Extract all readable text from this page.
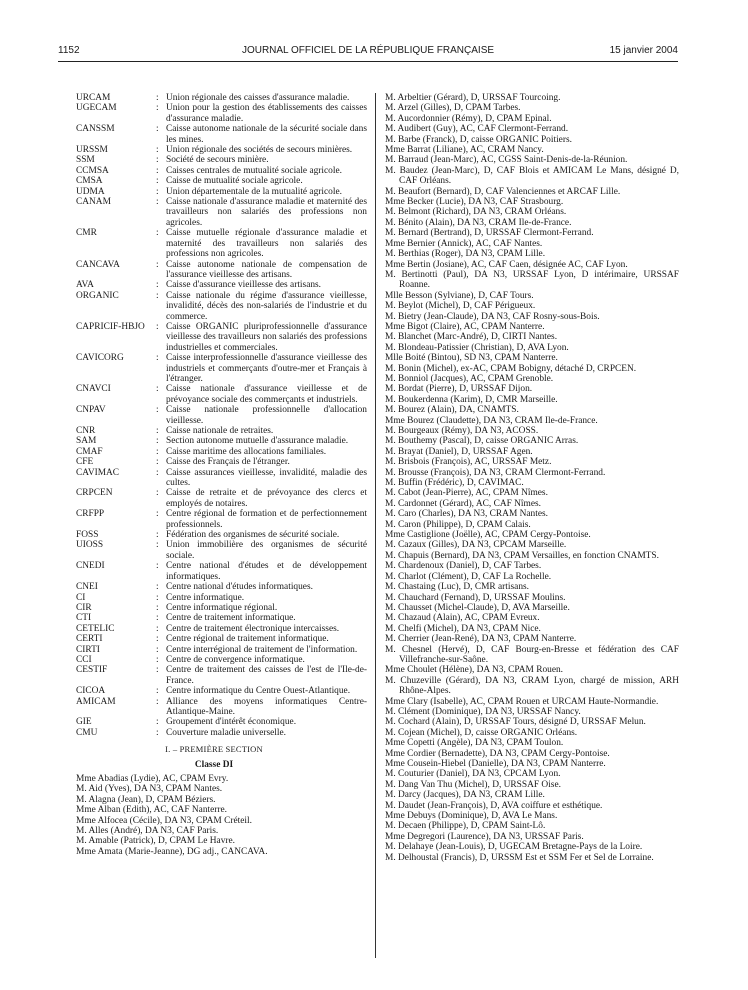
1152	JOURNAL OFFICIEL DE LA RÉPUBLIQUE FRANÇAISE	15 janvier 2004
URCAM	: Union régionale des caisses d'assurance maladie.
UGECAM	: Union pour la gestion des établissements des caisses d'assurance maladie.
CANSSM	: Caisse autonome nationale de la sécurité sociale dans les mines.
URSSM	: Union régionale des sociétés de secours minières.
SSM	: Société de secours minière.
CCMSA	: Caisses centrales de mutualité sociale agricole.
CMSA	: Caisse de mutualité sociale agricole.
UDMA	: Union départementale de la mutualité agricole.
CANAM	: Caisse nationale d'assurance maladie et maternité des travailleurs non salariés des professions non agricoles.
CMR	: Caisse mutuelle régionale d'assurance maladie et maternité des travailleurs non salariés des professions non agricoles.
CANCAVA	: Caisse autonome nationale de compensation de l'assurance vieillesse des artisans.
AVA	: Caisse d'assurance vieillesse des artisans.
ORGANIC	: Caisse nationale du régime d'assurance vieillesse, invalidité, décès des non-salariés de l'industrie et du commerce.
CAPRICIF-HBJO	: Caisse ORGANIC pluriprofessionnelle d'assurance vieillesse des travailleurs non salariés des professions industrielles et commerciales.
CAVICORG	: Caisse interprofessionnelle d'assurance vieillesse des industriels et commerçants d'outre-mer et Français à l'étranger.
CNAVCI	: Caisse nationale d'assurance vieillesse et de prévoyance sociale des commerçants et industriels.
CNPAV	: Caisse nationale professionnelle d'allocation vieillesse.
CNR	: Caisse nationale de retraites.
SAM	: Section autonome mutuelle d'assurance maladie.
CMAF	: Caisse maritime des allocations familiales.
CFE	: Caisse des Français de l'étranger.
CAVIMAC	: Caisse assurances vieillesse, invalidité, maladie des cultes.
CRPCEN	: Caisse de retraite et de prévoyance des clercs et employés de notaires.
CRFPP	: Centre régional de formation et de perfectionnement professionnels.
FOSS	: Fédération des organismes de sécurité sociale.
UIOSS	: Union immobilière des organismes de sécurité sociale.
CNEDI	: Centre national d'études et de développement informatiques.
CNEI	: Centre national d'études informatiques.
CI	: Centre informatique.
CIR	: Centre informatique régional.
CTI	: Centre de traitement informatique.
CETELIC	: Centre de traitement électronique intercaisses.
CERTI	: Centre régional de traitement informatique.
CIRTI	: Centre interrégional de traitement de l'information.
CCI	: Centre de convergence informatique.
CESTIF	: Centre de traitement des caisses de l'est de l'Ile-de-France.
CICOA	: Centre informatique du Centre Ouest-Atlantique.
AMICAM	: Alliance des moyens informatiques Centre-Atlantique-Maine.
GIE	: Groupement d'intérêt économique.
CMU	: Couverture maladie universelle.
I. – PREMIÈRE SECTION
Classe DI
Mme Abadias (Lydie), AC, CPAM Evry.
M. Aid (Yves), DA N3, CPAM Nantes.
M. Alagna (Jean), D, CPAM Béziers.
Mme Alban (Edith), AC, CAF Nanterre.
Mme Alfocea (Cécile), DA N3, CPAM Créteil.
M. Alles (André), DA N3, CAF Paris.
M. Amable (Patrick), D, CPAM Le Havre.
Mme Amata (Marie-Jeanne), DG adj., CANCAVA.
M. Arbeltier (Gérard), D, URSSAF Tourcoing.
M. Arzel (Gilles), D, CPAM Tarbes.
M. Aucordonnier (Rémy), D, CPAM Epinal.
M. Audibert (Guy), AC, CAF Clermont-Ferrand.
M. Barbe (Franck), D, caisse ORGANIC Poitiers.
Mme Barrat (Liliane), AC, CRAM Nancy.
M. Barraud (Jean-Marc), AC, CGSS Saint-Denis-de-la-Réunion.
M. Baudez (Jean-Marc), D, CAF Blois et AMICAM Le Mans, désigné D, CAF Orléans.
M. Beaufort (Bernard), D, CAF Valenciennes et ARCAF Lille.
Mme Becker (Lucie), DA N3, CAF Strasbourg.
M. Belmont (Richard), DA N3, CRAM Orléans.
M. Bénito (Alain), DA N3, CRAM Ile-de-France.
M. Bernard (Bertrand), D, URSSAF Clermont-Ferrand.
Mme Bernier (Annick), AC, CAF Nantes.
M. Berthias (Roger), DA N3, CPAM Lille.
Mme Bertin (Josiane), AC, CAF Caen, désignée AC, CAF Lyon.
M. Bertinotti (Paul), DA N3, URSSAF Lyon, D intérimaire, URSSAF Roanne.
Mlle Besson (Sylviane), D, CAF Tours.
M. Beylot (Michel), D, CAF Périgueux.
M. Bietry (Jean-Claude), DA N3, CAF Rosny-sous-Bois.
Mme Bigot (Claire), AC, CPAM Nanterre.
M. Blanchet (Marc-André), D, CIRTI Nantes.
M. Blondeau-Patissier (Christian), D, AVA Lyon.
Mlle Boité (Bintou), SD N3, CPAM Nanterre.
M. Bonin (Michel), ex-AC, CPAM Bobigny, détaché D, CRPCEN.
M. Bonniol (Jacques), AC, CPAM Grenoble.
M. Bordat (Pierre), D, URSSAF Dijon.
M. Boukerdenna (Karim), D, CMR Marseille.
M. Bourez (Alain), DA, CNAMTS.
Mme Bourez (Claudette), DA N3, CRAM Ile-de-France.
M. Bourgeaux (Rémy), DA N3, ACOSS.
M. Bouthemy (Pascal), D, caisse ORGANIC Arras.
M. Brayat (Daniel), D, URSSAF Agen.
M. Brisbois (François), AC, URSSAF Metz.
M. Brousse (François), DA N3, CRAM Clermont-Ferrand.
M. Buffin (Frédéric), D, CAVIMAC.
M. Cabot (Jean-Pierre), AC, CPAM Nîmes.
M. Cardonnet (Gérard), AC, CAF Nîmes.
M. Caro (Charles), DA N3, CRAM Nantes.
M. Caron (Philippe), D, CPAM Calais.
Mme Castiglione (Joëlle), AC, CPAM Cergy-Pontoise.
M. Cazaux (Gilles), DA N3, CPCAM Marseille.
M. Chapuis (Bernard), DA N3, CPAM Versailles, en fonction CNAMTS.
M. Chardenoux (Daniel), D, CAF Tarbes.
M. Charlot (Clément), D, CAF La Rochelle.
M. Chastaing (Luc), D, CMR artisans.
M. Chauchard (Fernand), D, URSSAF Moulins.
M. Chausset (Michel-Claude), D, AVA Marseille.
M. Chazaud (Alain), AC, CPAM Evreux.
M. Chelfi (Michel), DA N3, CPAM Nice.
M. Cherrier (Jean-René), DA N3, CPAM Nanterre.
M. Chesnel (Hervé), D, CAF Bourg-en-Bresse et fédération des CAF Villefranche-sur-Saône.
Mme Choulet (Hélène), DA N3, CPAM Rouen.
M. Chuzeville (Gérard), DA N3, CRAM Lyon, chargé de mission, ARH Rhône-Alpes.
Mme Clary (Isabelle), AC, CPAM Rouen et URCAM Haute-Normandie.
M. Clément (Dominique), DA N3, URSSAF Nancy.
M. Cochard (Alain), D, URSSAF Tours, désigné D, URSSAF Melun.
M. Cojean (Michel), D, caisse ORGANIC Orléans.
Mme Copetti (Angèle), DA N3, CPAM Toulon.
Mme Cordier (Bernadette), DA N3, CPAM Cergy-Pontoise.
Mme Cousein-Hiebel (Danielle), DA N3, CPAM Nanterre.
M. Couturier (Daniel), DA N3, CPCAM Lyon.
M. Dang Van Thu (Michel), D, URSSAF Oise.
M. Darcy (Jacques), DA N3, CRAM Lille.
M. Daudet (Jean-François), D, AVA coiffure et esthétique.
Mme Debuys (Dominique), D, AVA Le Mans.
M. Decaen (Philippe), D, CPAM Saint-Lô.
Mme Degregori (Laurence), DA N3, URSSAF Paris.
M. Delahaye (Jean-Louis), D, UGECAM Bretagne-Pays de la Loire.
M. Delhoustal (Francis), D, URSSM Est et SSM Fer et Sel de Lorraine.
